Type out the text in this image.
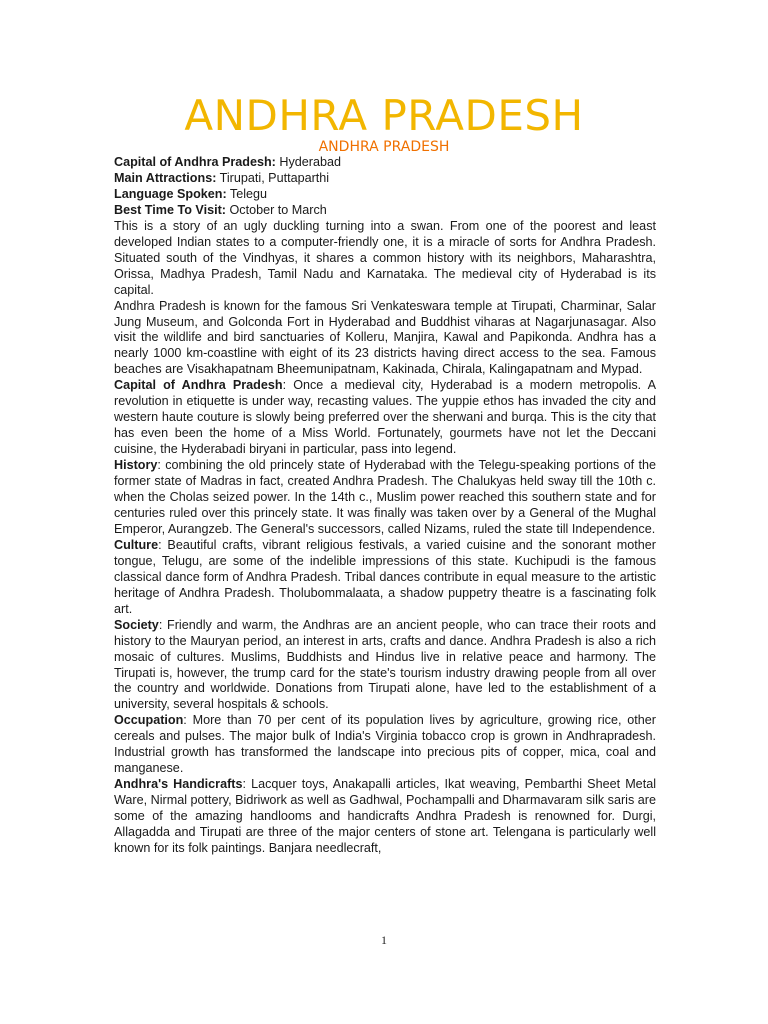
ANDHRA PRADESH
ANDHRA PRADESH

Capital of Andhra Pradesh: Hyderabad

Main Attractions: Tirupati, Puttaparthi

Language Spoken: Telegu

Best Time To Visit: October to March

This is a story of an ugly duckling turning into a swan. From one of the poorest and least developed Indian states to a computer-friendly one, it is a miracle of sorts for Andhra Pradesh. Situated south of the Vindhyas, it shares a common history with its neighbors, Maharashtra, Orissa, Madhya Pradesh, Tamil Nadu and Karnataka. The medieval city of Hyderabad is its capital.

Andhra Pradesh is known for the famous Sri Venkateswara temple at Tirupati, Charminar, Salar Jung Museum, and Golconda Fort in Hyderabad and Buddhist viharas at Nagarjunasagar. Also visit the wildlife and bird sanctuaries of Kolleru, Manjira, Kawal and Papikonda. Andhra has a nearly 1000 km-coastline with eight of its 23 districts having direct access to the sea. Famous beaches are Visakhapatnam Bheemunipatnam, Kakinada, Chirala, Kalingapatnam and Mypad.

Capital of Andhra Pradesh: Once a medieval city, Hyderabad is a modern metropolis. A revolution in etiquette is under way, recasting values. The yuppie ethos has invaded the city and western haute couture is slowly being preferred over the sherwani and burqa. This is the city that has even been the home of a Miss World. Fortunately, gourmets have not let the Deccani cuisine, the Hyderabadi biryani in particular, pass into legend.

History: combining the old princely state of Hyderabad with the Telegu-speaking portions of the former state of Madras in fact, created Andhra Pradesh. The Chalukyas held sway till the 10th c. when the Cholas seized power. In the 14th c., Muslim power reached this southern state and for centuries ruled over this princely state. It was finally was taken over by a General of the Mughal Emperor, Aurangzeb. The General's successors, called Nizams, ruled the state till Independence.

Culture: Beautiful crafts, vibrant religious festivals, a varied cuisine and the sonorant mother tongue, Telugu, are some of the indelible impressions of this state. Kuchipudi is the famous classical dance form of Andhra Pradesh. Tribal dances contribute in equal measure to the artistic heritage of Andhra Pradesh. Tholubommalaata, a shadow puppetry theatre is a fascinating folk art.

Society: Friendly and warm, the Andhras are an ancient people, who can trace their roots and history to the Mauryan period, an interest in arts, crafts and dance. Andhra Pradesh is also a rich mosaic of cultures. Muslims, Buddhists and Hindus live in relative peace and harmony. The Tirupati is, however, the trump card for the state's tourism industry drawing people from all over the country and worldwide. Donations from Tirupati alone, have led to the establishment of a university, several hospitals & schools.

Occupation: More than 70 per cent of its population lives by agriculture, growing rice, other cereals and pulses. The major bulk of India's Virginia tobacco crop is grown in Andhrapradesh. Industrial growth has transformed the landscape into precious pits of copper, mica, coal and manganese.

Andhra's Handicrafts: Lacquer toys, Anakapalli articles, Ikat weaving, Pembarthi Sheet Metal Ware, Nirmal pottery, Bidriwork as well as Gadhwal, Pochampalli and Dharmavaram silk saris are some of the amazing handlooms and handicrafts Andhra Pradesh is renowned for. Durgi, Allagadda and Tirupati are three of the major centers of stone art. Telengana is particularly well known for its folk paintings. Banjara needlecraft,

1
